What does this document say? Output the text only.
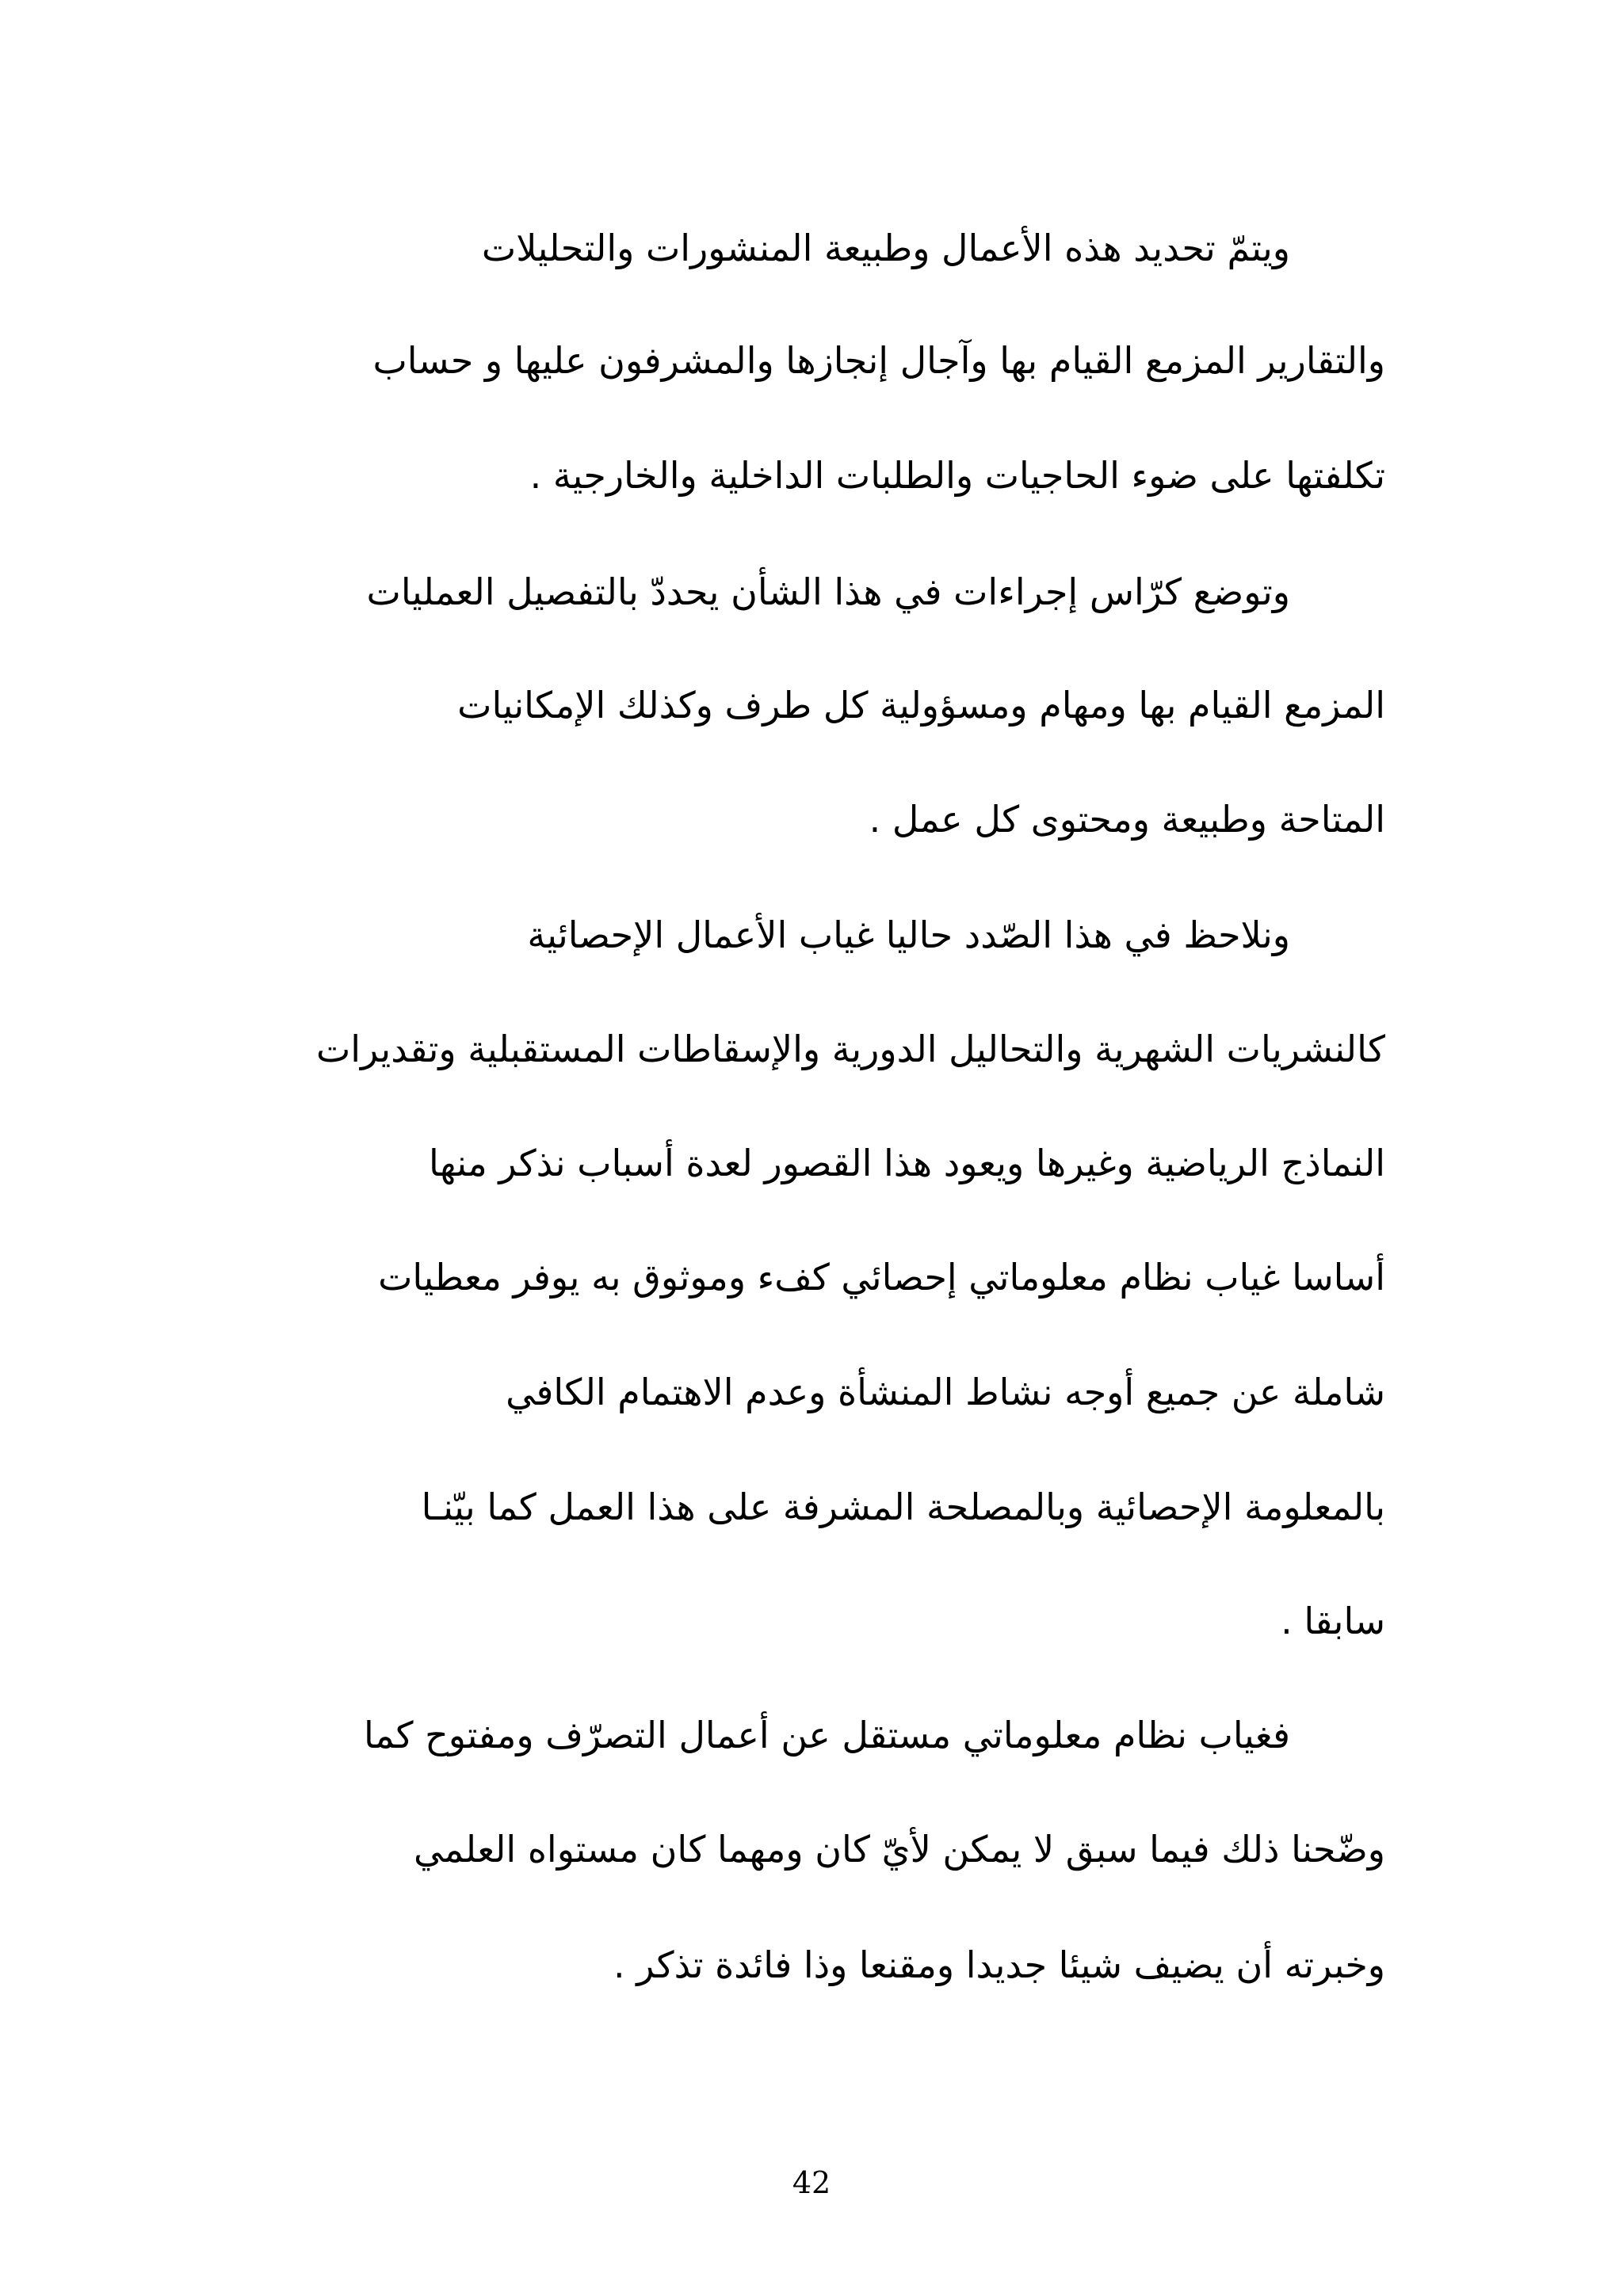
ويتمّ تحديد هذه الأعمال وطبيعة المنشورات والتحليلات
والتقارير المزمع القيام بها وآجال إنجازها والمشرفون عليها و حساب
تكلفتها على ضوء الحاجيات والطلبات الداخلية والخارجية .
وتوضع كرّاس إجراءات في هذا الشأن يحددّ بالتفصيل العمليات
المزمع القيام بها ومهام ومسؤولية كل طرف وكذلك الإمكانيات
المتاحة وطبيعة ومحتوى كل عمل .
ونلاحظ في هذا الصّدد حاليا غياب الأعمال الإحصائية
كالنشريات الشهرية والتحاليل الدورية والإسقاطات المستقبلية وتقديرات
النماذج الرياضية وغيرها ويعود هذا القصور لعدة أسباب نذكر منها
أساسا غياب نظام معلوماتي إحصائي كفء وموثوق به يوفر معطيات
شاملة عن جميع أوجه نشاط المنشأة وعدم الاهتمام الكافي
بالمعلومة الإحصائية وبالمصلحة المشرفة على هذا العمل كما بيّنـا
سابقا .
فغياب نظام معلوماتي مستقل عن أعمال التصرّف ومفتوح كما
وضّحنا ذلك فيما سبق لا يمكن لأيّ كان ومهما كان مستواه العلمي
وخبرته أن يضيف شيئا جديدا ومقنعا وذا فائدة تذكر .
42
